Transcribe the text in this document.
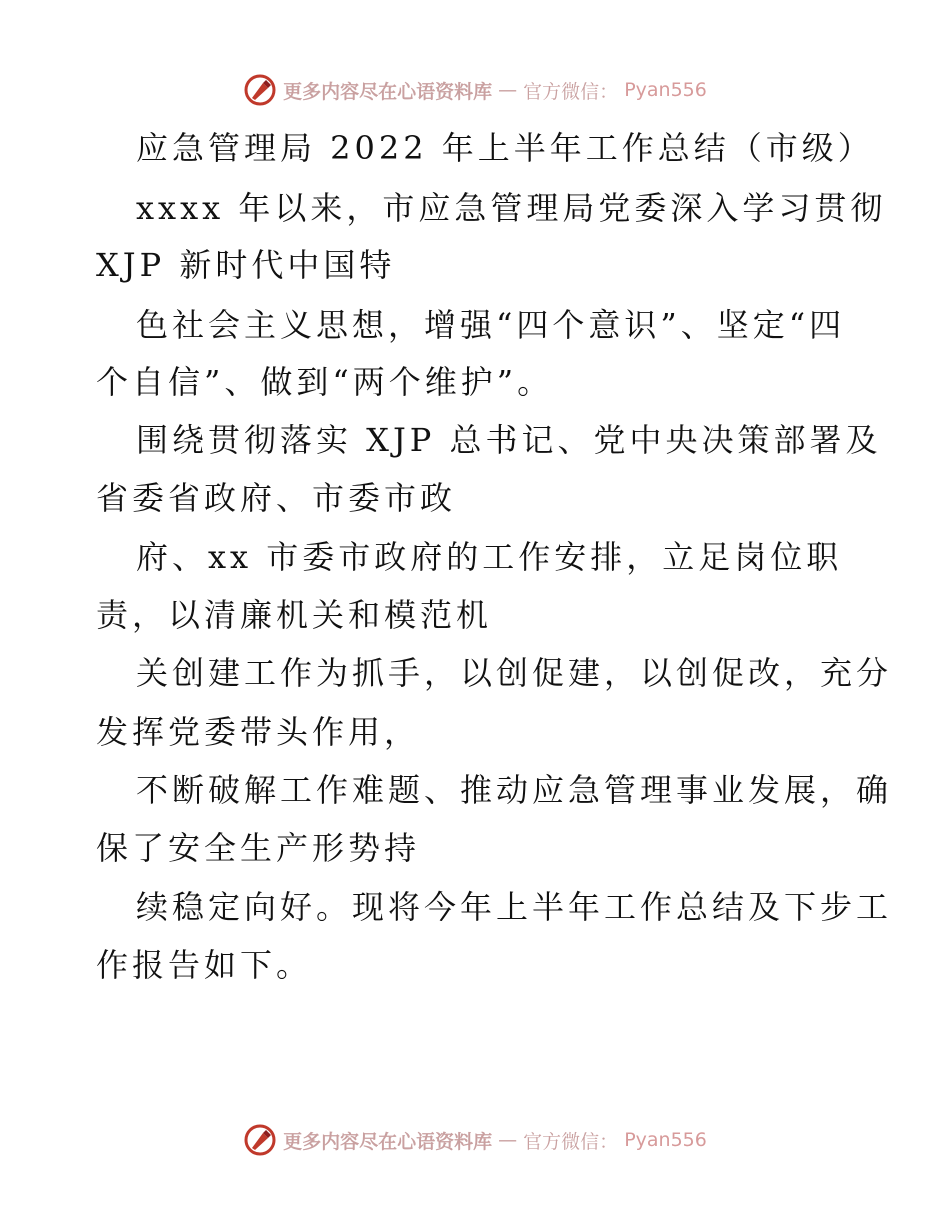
更多内容尽在心语资料库 — 官方微信： Pyan556
应急管理局 2022 年上半年工作总结（市级）
xxxx 年以来，市应急管理局党委深入学习贯彻
XJP 新时代中国特
色社会主义思想，增强“四个意识”、坚定“四
个自信”、做到“两个维护”。
围绕贯彻落实 XJP 总书记、党中央决策部署及
省委省政府、市委市政
府、xx 市委市政府的工作安排，立足岗位职
责，以清廉机关和模范机
关创建工作为抓手，以创促建，以创促改，充分
发挥党委带头作用，
不断破解工作难题、推动应急管理事业发展，确
保了安全生产形势持
续稳定向好。现将今年上半年工作总结及下步工
作报告如下。
更多内容尽在心语资料库 — 官方微信： Pyan556
